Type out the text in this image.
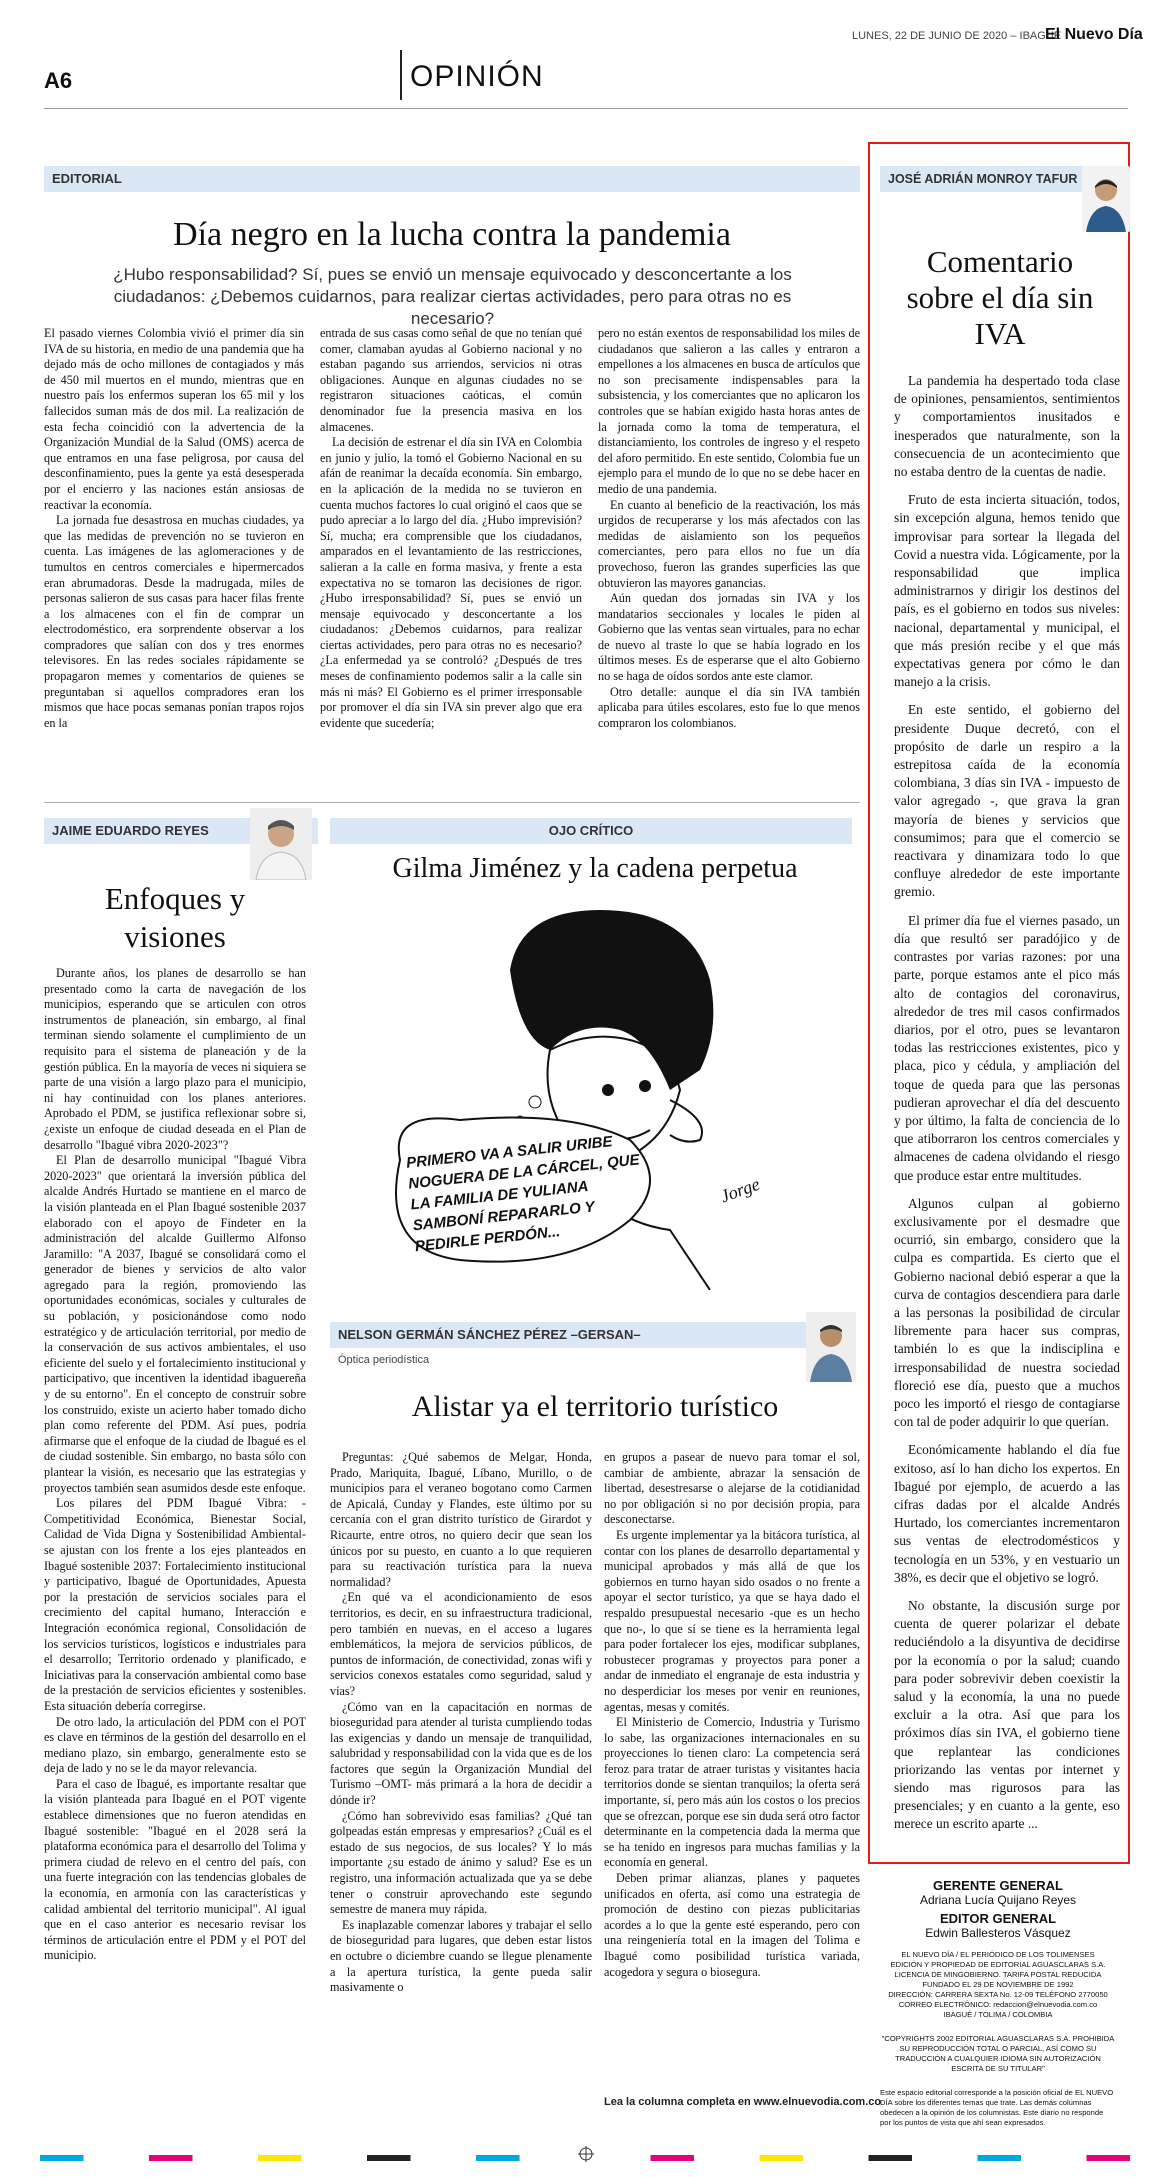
LUNES, 22 DE JUNIO DE 2020 – IBAGUÉ
El Nuevo Día
A6	OPINIÓN
EDITORIAL
Día negro en la lucha contra la pandemia
¿Hubo responsabilidad? Sí, pues se envió un mensaje equivocado y desconcertante a los ciudadanos: ¿Debemos cuidarnos, para realizar ciertas actividades, pero para otras no es necesario?

El pasado viernes Colombia vivió el primer día sin IVA de su historia, en medio de una pandemia que ha dejado más de ocho millones de contagiados y más de 450 mil muertos en el mundo, mientras que en nuestro país los enfermos superan los 65 mil y los fallecidos suman más de dos mil. La realización de esta fecha coincidió con la advertencia de la Organización Mundial de la Salud (OMS) acerca de que entramos en una fase peligrosa, por causa del desconfinamiento, pues la gente ya está desesperada por el encierro y las naciones están ansiosas de reactivar la economía.

La jornada fue desastrosa en muchas ciudades, ya que las medidas de prevención no se tuvieron en cuenta. Las imágenes de las aglomeraciones y de tumultos en centros comerciales e hipermercados eran abrumadoras. Desde la madrugada, miles de personas salieron de sus casas para hacer filas frente a los almacenes con el fin de comprar un electrodoméstico, era sorprendente observar a los compradores que salían con dos y tres enormes televisores. En las redes sociales rápidamente se propagaron memes y comentarios de quienes se preguntaban si aquellos compradores eran los mismos que hace pocas semanas ponían trapos rojos en la

entrada de sus casas como señal de que no tenían qué comer, clamaban ayudas al Gobierno nacional y no estaban pagando sus arriendos, servicios ni otras obligaciones. Aunque en algunas ciudades no se registraron situaciones caóticas, el común denominador fue la presencia masiva en los almacenes.

La decisión de estrenar el día sin IVA en Colombia en junio y julio, la tomó el Gobierno Nacional en su afán de reanimar la decaída economía. Sin embargo, en la aplicación de la medida no se tuvieron en cuenta muchos factores lo cual originó el caos que se pudo apreciar a lo largo del día. ¿Hubo imprevisión? Sí, mucha; era comprensible que los ciudadanos, amparados en el levantamiento de las restricciones, salieran a la calle en forma masiva, y frente a esta expectativa no se tomaron las decisiones de rigor. ¿Hubo irresponsabilidad? Sí, pues se envió un mensaje equivocado y desconcertante a los ciudadanos: ¿Debemos cuidarnos, para realizar ciertas actividades, pero para otras no es necesario? ¿La enfermedad ya se controló? ¿Después de tres meses de confinamiento podemos salir a la calle sin más ni más? El Gobierno es el primer irresponsable por promover el día sin IVA sin prever algo que era evidente que sucedería;

pero no están exentos de responsabilidad los miles de ciudadanos que salieron a las calles y entraron a empellones a los almacenes en busca de artículos que no son precisamente indispensables para la subsistencia, y los comerciantes que no aplicaron los controles que se habían exigido hasta horas antes de la jornada como la toma de temperatura, el distanciamiento, los controles de ingreso y el respeto del aforo permitido. En este sentido, Colombia fue un ejemplo para el mundo de lo que no se debe hacer en medio de una pandemia.

En cuanto al beneficio de la reactivación, los más urgidos de recuperarse y los más afectados con las medidas de aislamiento son los pequeños comerciantes, pero para ellos no fue un día provechoso, fueron las grandes superficies las que obtuvieron las mayores ganancias.

Aún quedan dos jornadas sin IVA y los mandatarios seccionales y locales le piden al Gobierno que las ventas sean virtuales, para no echar de nuevo al traste lo que se había logrado en los últimos meses. Es de esperarse que el alto Gobierno no se haga de oídos sordos ante este clamor.

Otro detalle: aunque el día sin IVA también aplicaba para útiles escolares, esto fue lo que menos compraron los colombianos.

JAIME EDUARDO REYES
Enfoques y visiones

Durante años, los planes de desarrollo se han presentado como la carta de navegación de los municipios, esperando que se articulen con otros instrumentos de planeación, sin embargo, al final terminan siendo solamente el cumplimiento de un requisito para el sistema de planeación y de la gestión pública. En la mayoría de veces ni siquiera se parte de una visión a largo plazo para el municipio, ni hay continuidad con los planes anteriores. Aprobado el PDM, se justifica reflexionar sobre si, ¿existe un enfoque de ciudad deseada en el Plan de desarrollo "Ibagué vibra 2020-2023"?

El Plan de desarrollo municipal "Ibagué Vibra 2020-2023" que orientará la inversión pública del alcalde Andrés Hurtado se mantiene en el marco de la visión planteada en el Plan Ibagué sostenible 2037 elaborado con el apoyo de Findeter en la administración del alcalde Guillermo Alfonso Jaramillo: "A 2037, Ibagué se consolidará como el generador de bienes y servicios de alto valor agregado para la región, promoviendo las oportunidades económicas, sociales y culturales de su población, y posicionándose como nodo estratégico y de articulación territorial, por medio de la conservación de sus activos ambientales, el uso eficiente del suelo y el fortalecimiento institucional y participativo, que incentiven la identidad ibaguereña y de su entorno". En el concepto de construir sobre los construido, existe un acierto haber tomado dicho plan como referente del PDM. Así pues, podría afirmarse que el enfoque de la ciudad de Ibagué es el de ciudad sostenible. Sin embargo, no basta sólo con plantear la visión, es necesario que las estrategias y proyectos también sean asumidos desde este enfoque.

Los pilares del PDM Ibagué Vibra: -Competitividad Económica, Bienestar Social, Calidad de Vida Digna y Sostenibilidad Ambiental- se ajustan con los frente a los ejes planteados en Ibagué sostenible 2037: Fortalecimiento institucional y participativo, Ibagué de Oportunidades, Apuesta por la prestación de servicios sociales para el crecimiento del capital humano, Interacción e Integración económica regional, Consolidación de los servicios turísticos, logísticos e industriales para el desarrollo; Territorio ordenado y planificado, e Iniciativas para la conservación ambiental como base de la prestación de servicios eficientes y sostenibles. Esta situación debería corregirse.

De otro lado, la articulación del PDM con el POT es clave en términos de la gestión del desarrollo en el mediano plazo, sin embargo, generalmente esto se deja de lado y no se le da mayor relevancia.

Para el caso de Ibagué, es importante resaltar que la visión planteada para Ibagué en el POT vigente establece dimensiones que no fueron atendidas en Ibagué sostenible: "Ibagué en el 2028 será la plataforma económica para el desarrollo del Tolima y primera ciudad de relevo en el centro del país, con una fuerte integración con las tendencias globales de la economía, en armonía con las características y calidad ambiental del territorio municipal". Al igual que en el caso anterior es necesario revisar los términos de articulación entre el PDM y el POT del municipio.

OJO CRÍTICO
Gilma Jiménez y la cadena perpetua
PRIMERO VA A SALIR URIBE NOGUERA DE LA CÁRCEL, QUE LA FAMILIA DE YULIANA SAMBONÍ REPARARLO Y PEDIRLE PERDÓN...
Jorge
NELSON GERMÁN SÁNCHEZ PÉREZ –GERSAN–
Óptica periodística
Alistar ya el territorio turístico

Preguntas: ¿Qué sabemos de Melgar, Honda, Prado, Mariquita, Ibagué, Líbano, Murillo, o de municipios para el veraneo bogotano como Carmen de Apicalá, Cunday y Flandes, este último por su cercanía con el gran distrito turístico de Girardot y Ricaurte, entre otros, no quiero decir que sean los únicos por su puesto, en cuanto a lo que requieren para su reactivación turística para la nueva normalidad?

¿En qué va el acondicionamiento de esos territorios, es decir, en su infraestructura tradicional, pero también en nuevas, en el acceso a lugares emblemáticos, la mejora de servicios públicos, de puntos de información, de conectividad, zonas wifi y servicios conexos estatales como seguridad, salud y vías?

¿Cómo van en la capacitación en normas de bioseguridad para atender al turista cumpliendo todas las exigencias y dando un mensaje de tranquilidad, salubridad y responsabilidad con la vida que es de los factores que según la Organización Mundial del Turismo –OMT- más primará a la hora de decidir a dónde ir?

¿Cómo han sobrevivido esas familias? ¿Qué tan golpeadas están empresas y empresarios? ¿Cuál es el estado de sus negocios, de sus locales? Y lo más importante ¿su estado de ánimo y salud? Ese es un registro, una información actualizada que ya se debe tener o construir aprovechando este segundo semestre de manera muy rápida.

Es inaplazable comenzar labores y trabajar el sello de bioseguridad para lugares, que deben estar listos en octubre o diciembre cuando se llegue plenamente a la apertura turística, la gente pueda salir masivamente o

en grupos a pasear de nuevo para tomar el sol, cambiar de ambiente, abrazar la sensación de libertad, desestresarse o alejarse de la cotidianidad no por obligación si no por decisión propia, para desconectarse.

Es urgente implementar ya la bitácora turística, al contar con los planes de desarrollo departamental y municipal aprobados y más allá de que los gobiernos en turno hayan sido osados o no frente a apoyar el sector turístico, ya que se haya dado el respaldo presupuestal necesario -que es un hecho que no-, lo que sí se tiene es la herramienta legal para poder fortalecer los ejes, modificar subplanes, robustecer programas y proyectos para poner a andar de inmediato el engranaje de esta industria y no desperdiciar los meses por venir en reuniones, agentas, mesas y comités.

El Ministerio de Comercio, Industria y Turismo lo sabe, las organizaciones internacionales en su proyecciones lo tienen claro: La competencia será feroz para tratar de atraer turistas y visitantes hacia territorios donde se sientan tranquilos; la oferta será importante, sí, pero más aún los costos o los precios que se ofrezcan, porque ese sin duda será otro factor determinante en la competencia dada la merma que se ha tenido en ingresos para muchas familias y la economía en general.

Deben primar alianzas, planes y paquetes unificados en oferta, así como una estrategia de promoción de destino con piezas publicitarias acordes a lo que la gente esté esperando, pero con una reingeniería total en la imagen del Tolima e Ibagué como posibilidad turística variada, acogedora y segura o biosegura.

Lea la columna completa en www.elnuevodia.com.co
JOSÉ ADRIÁN MONROY TAFUR
Comentario sobre el día sin IVA

La pandemia ha despertado toda clase de opiniones, pensamientos, sentimientos y comportamientos inusitados e inesperados que naturalmente, son la consecuencia de un acontecimiento que no estaba dentro de la cuentas de nadie.

Fruto de esta incierta situación, todos, sin excepción alguna, hemos tenido que improvisar para sortear la llegada del Covid a nuestra vida. Lógicamente, por la responsabilidad que implica administrarnos y dirigir los destinos del país, es el gobierno en todos sus niveles: nacional, departamental y municipal, el que más presión recibe y el que más expectativas genera por cómo le dan manejo a la crisis.

En este sentido, el gobierno del presidente Duque decretó, con el propósito de darle un respiro a la estrepitosa caída de la economía colombiana, 3 días sin IVA - impuesto de valor agregado -, que grava la gran mayoría de bienes y servicios que consumimos; para que el comercio se reactivara y dinamizara todo lo que confluye alrededor de este importante gremio.

El primer día fue el viernes pasado, un día que resultó ser paradójico y de contrastes por varias razones: por una parte, porque estamos ante el pico más alto de contagios del coronavirus, alrededor de tres mil casos confirmados diarios, por el otro, pues se levantaron todas las restricciones existentes, pico y placa, pico y cédula, y ampliación del toque de queda para que las personas pudieran aprovechar el día del descuento y por último, la falta de conciencia de lo que atiborraron los centros comerciales y almacenes de cadena olvidando el riesgo que produce estar entre multitudes.

Algunos culpan al gobierno exclusivamente por el desmadre que ocurrió, sin embargo, considero que la culpa es compartida. Es cierto que el Gobierno nacional debió esperar a que la curva de contagios descendiera para darle a las personas la posibilidad de circular libremente para hacer sus compras, también lo es que la indisciplina e irresponsabilidad de nuestra sociedad floreció ese día, puesto que a muchos poco les importó el riesgo de contagiarse con tal de poder adquirir lo que querían.

Económicamente hablando el día fue exitoso, así lo han dicho los expertos. En Ibagué por ejemplo, de acuerdo a las cifras dadas por el alcalde Andrés Hurtado, los comerciantes incrementaron sus ventas de electrodomésticos y tecnología en un 53%, y en vestuario un 38%, es decir que el objetivo se logró.

No obstante, la discusión surge por cuenta de querer polarizar el debate reduciéndolo a la disyuntiva de decidirse por la economía o por la salud; cuando para poder sobrevivir deben coexistir la salud y la economía, la una no puede excluir a la otra. Así que para los próximos días sin IVA, el gobierno tiene que replantear las condiciones priorizando las ventas por internet y siendo mas rigurosos para las presenciales; y en cuanto a la gente, eso merece un escrito aparte ...

GERENTE GENERAL
Adriana Lucía Quijano Reyes
EDITOR GENERAL
Edwin Ballesteros Vásquez
EL NUEVO DÍA / EL PERIÓDICO DE LOS TOLIMENSES
EDICIÓN Y PROPIEDAD DE EDITORIAL AGUASCLARAS S.A.
LICENCIA DE MINGOBIERNO. TARIFA POSTAL REDUCIDA
FUNDADO EL 29 DE NOVIEMBRE DE 1992
DIRECCIÓN: CARRERA SEXTA No. 12-09 TELÉFONO 2770050
CORREO ELECTRÓNICO: redaccion@elnuevodia.com.co
IBAGUÉ / TOLIMA / COLOMBIA
"COPYRIGHTS 2002 EDITORIAL AGUASCLARAS S.A. PROHIBIDA SU REPRODUCCIÓN TOTAL O PARCIAL, ASÍ COMO SU TRADUCCIÓN A CUALQUIER IDIOMA SIN AUTORIZACIÓN ESCRITA DE SU TITULAR"
Este espacio editorial corresponde a la posición oficial de EL NUEVO DÍA sobre los diferentes temas que trate. Las demás columnas obedecen a la opinión de los columnistas. Este diario no responde por los puntos de vista que ahí sean expresados.
